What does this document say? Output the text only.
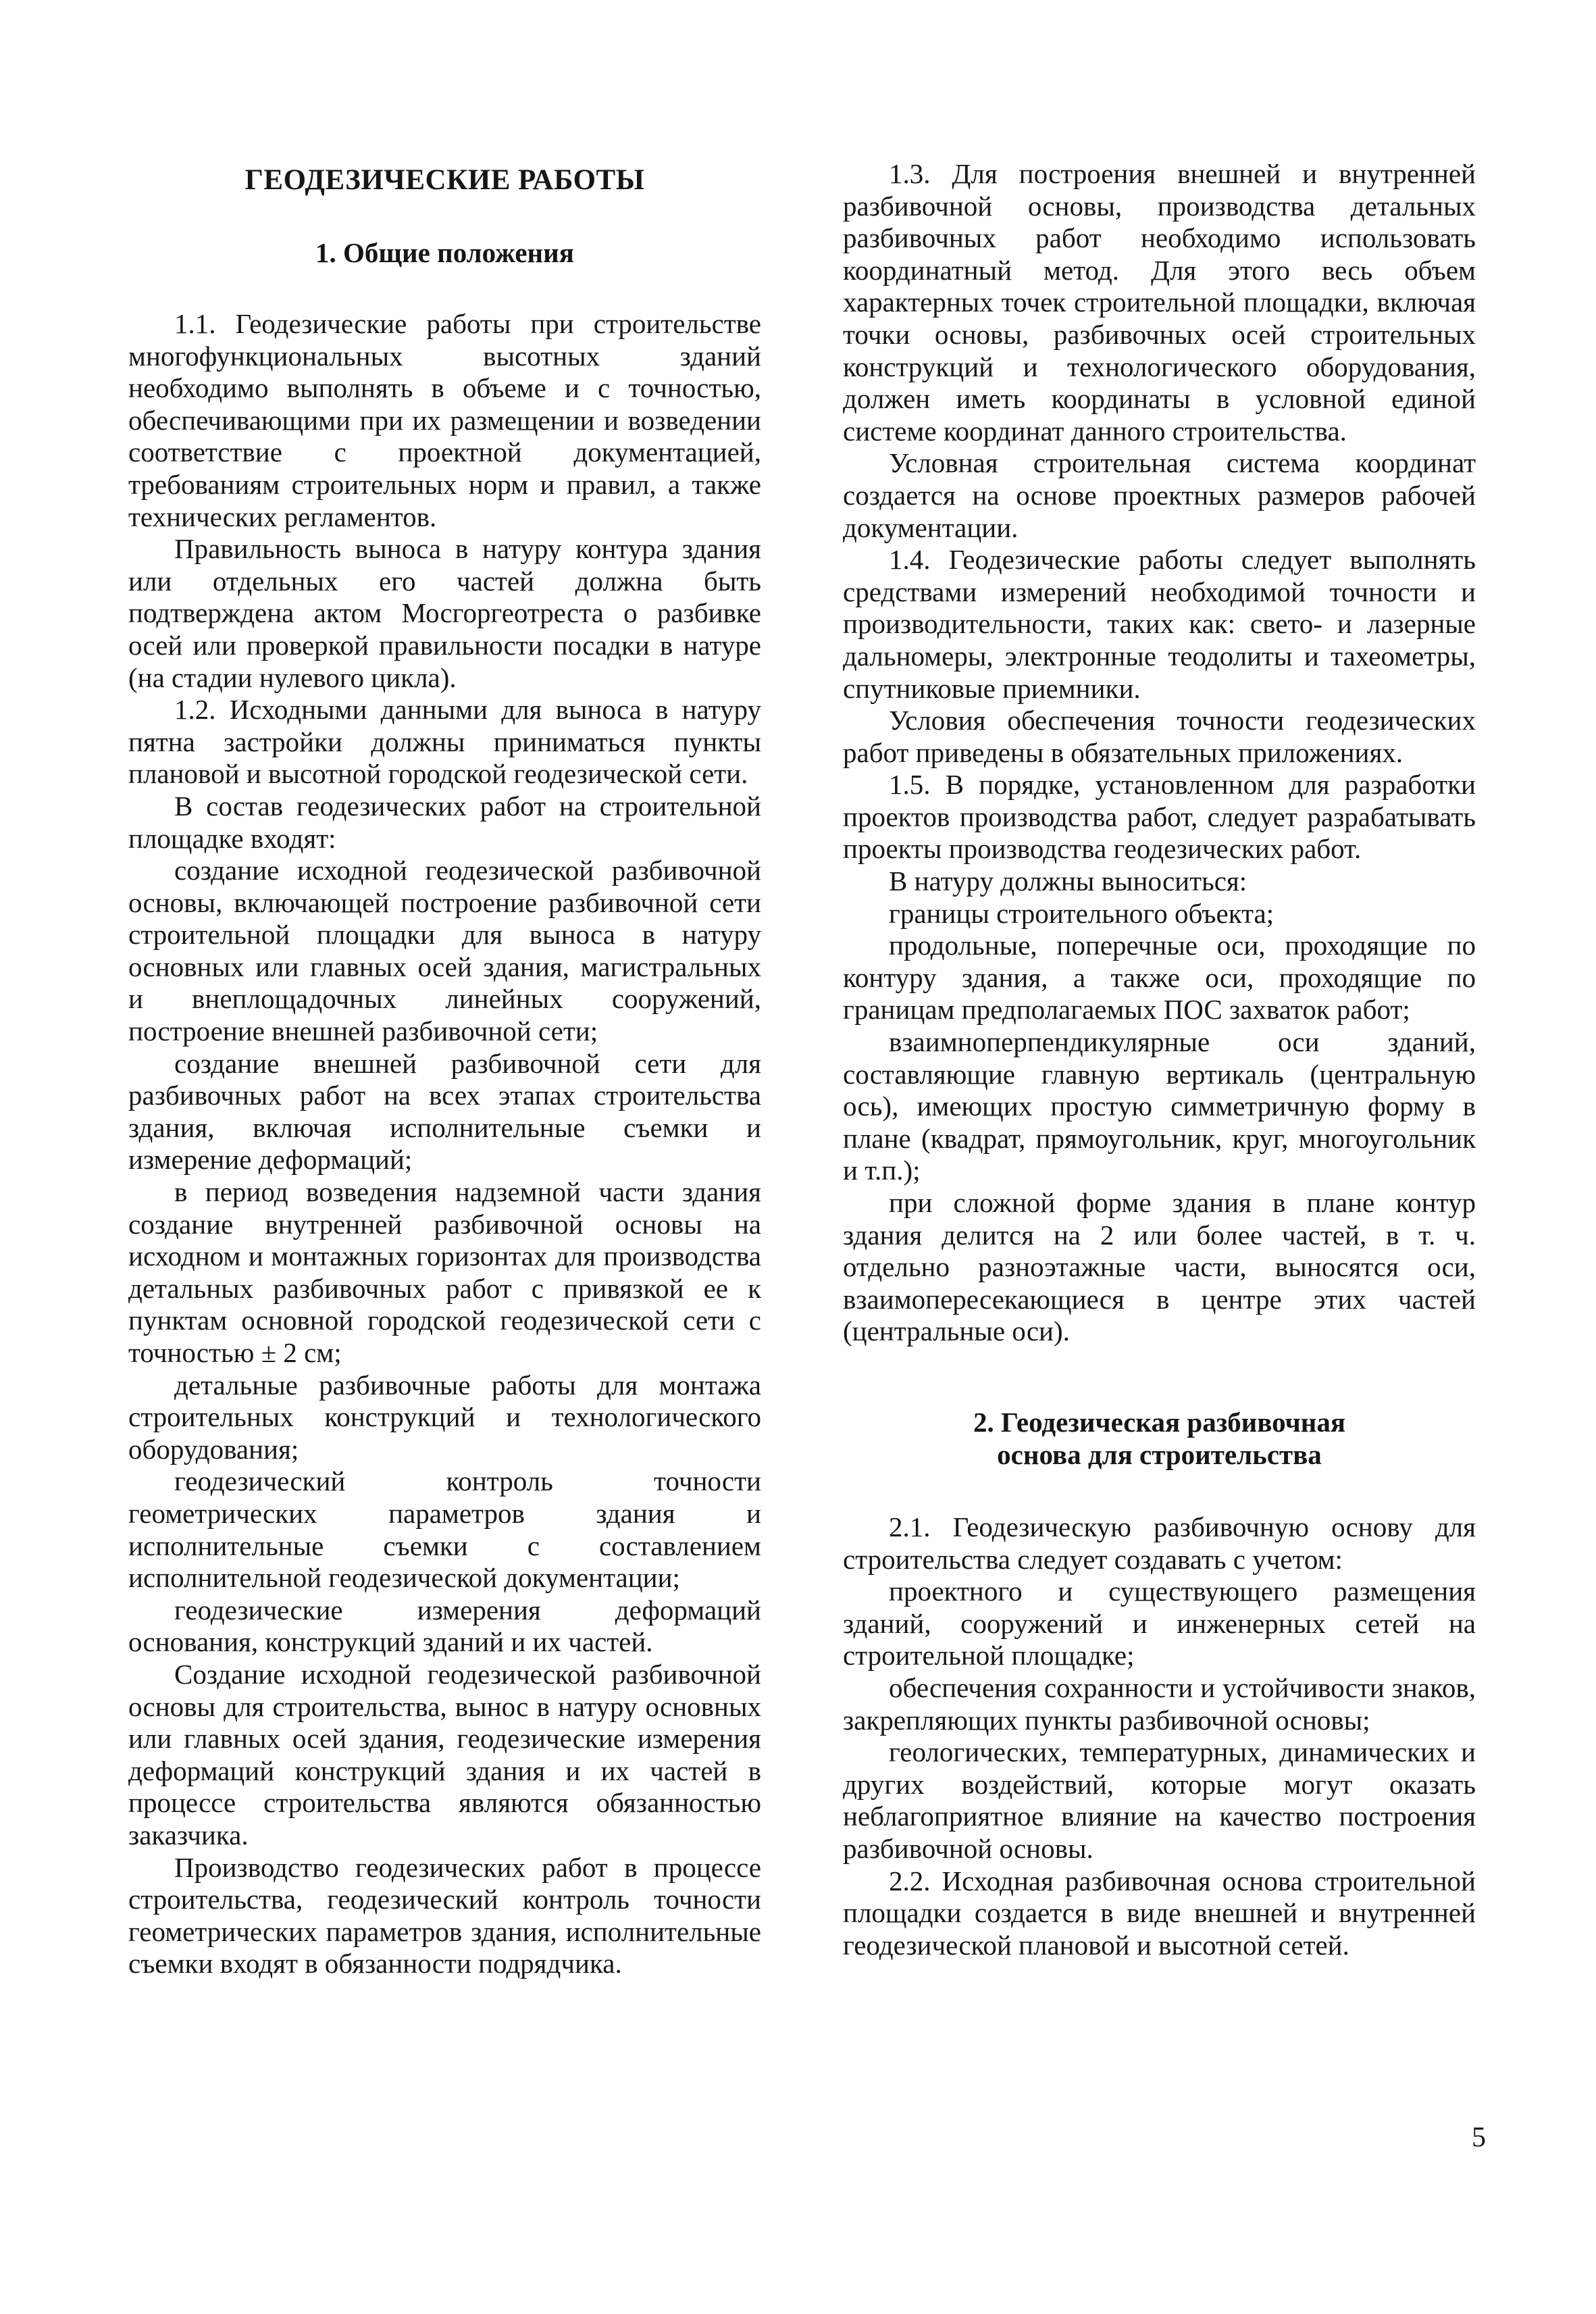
ГЕОДЕЗИЧЕСКИЕ РАБОТЫ
1. Общие положения

1.1. Геодезические работы при строительстве многофункциональных высотных зданий необходимо выполнять в объеме и с точностью, обеспечивающими при их размещении и возведении соответствие с проектной документацией, требованиям строительных норм и правил, а также технических регламентов.

Правильность выноса в натуру контура здания или отдельных его частей должна быть подтверждена актом Мосгоргеотреста о разбивке осей или проверкой правильности посадки в натуре (на стадии нулевого цикла).

1.2. Исходными данными для выноса в натуру пятна застройки должны приниматься пункты плановой и высотной городской геодезической сети.

В состав геодезических работ на строительной площадке входят:

создание исходной геодезической разбивочной основы, включающей построение разбивочной сети строительной площадки для выноса в натуру основных или главных осей здания, магистральных и внеплощадочных линейных сооружений, построение внешней разбивочной сети;

создание внешней разбивочной сети для разбивочных работ на всех этапах строительства здания, включая исполнительные съемки и измерение деформаций;

в период возведения надземной части здания создание внутренней разбивочной основы на исходном и монтажных горизонтах для производства детальных разбивочных работ с привязкой ее к пунктам основной городской геодезической сети с точностью ± 2 см;

детальные разбивочные работы для монтажа строительных конструкций и технологического оборудования;

геодезический контроль точности геометрических параметров здания и исполнительные съемки с составлением исполнительной геодезической документации;

геодезические измерения деформаций основания, конструкций зданий и их частей.

Создание исходной геодезической разбивочной основы для строительства, вынос в натуру основных или главных осей здания, геодезические измерения деформаций конструкций здания и их частей в процессе строительства являются обязанностью заказчика.

Производство геодезических работ в процессе строительства, геодезический контроль точности геометрических параметров здания, исполнительные съемки входят в обязанности подрядчика.

1.3. Для построения внешней и внутренней разбивочной основы, производства детальных разбивочных работ необходимо использовать координатный метод. Для этого весь объем характерных точек строительной площадки, включая точки основы, разбивочных осей строительных конструкций и технологического оборудования, должен иметь координаты в условной единой системе координат данного строительства.

Условная строительная система координат создается на основе проектных размеров рабочей документации.

1.4. Геодезические работы следует выполнять средствами измерений необходимой точности и производительности, таких как: свето- и лазерные дальномеры, электронные теодолиты и тахеометры, спутниковые приемники.

Условия обеспечения точности геодезических работ приведены в обязательных приложениях.

1.5. В порядке, установленном для разработки проектов производства работ, следует разрабатывать проекты производства геодезических работ.

В натуру должны выноситься:

границы строительного объекта;

продольные, поперечные оси, проходящие по контуру здания, а также оси, проходящие по границам предполагаемых ПОС захваток работ;

взаимноперпендикулярные оси зданий, составляющие главную вертикаль (центральную ось), имеющих простую симметричную форму в плане (квадрат, прямоугольник, круг, многоугольник и т.п.);

при сложной форме здания в плане контур здания делится на 2 или более частей, в т. ч. отдельно разноэтажные части, выносятся оси, взаимопересекающиеся в центре этих частей (центральные оси).

2. Геодезическая разбивочная
основа для строительства

2.1. Геодезическую разбивочную основу для строительства следует создавать с учетом:

проектного и существующего размещения зданий, сооружений и инженерных сетей на строительной площадке;

обеспечения сохранности и устойчивости знаков, закрепляющих пункты разбивочной основы;

геологических, температурных, динамических и других воздействий, которые могут оказать неблагоприятное влияние на качество построения разбивочной основы.

2.2. Исходная разбивочная основа строительной площадки создается в виде внешней и внутренней геодезической плановой и высотной сетей.

5
